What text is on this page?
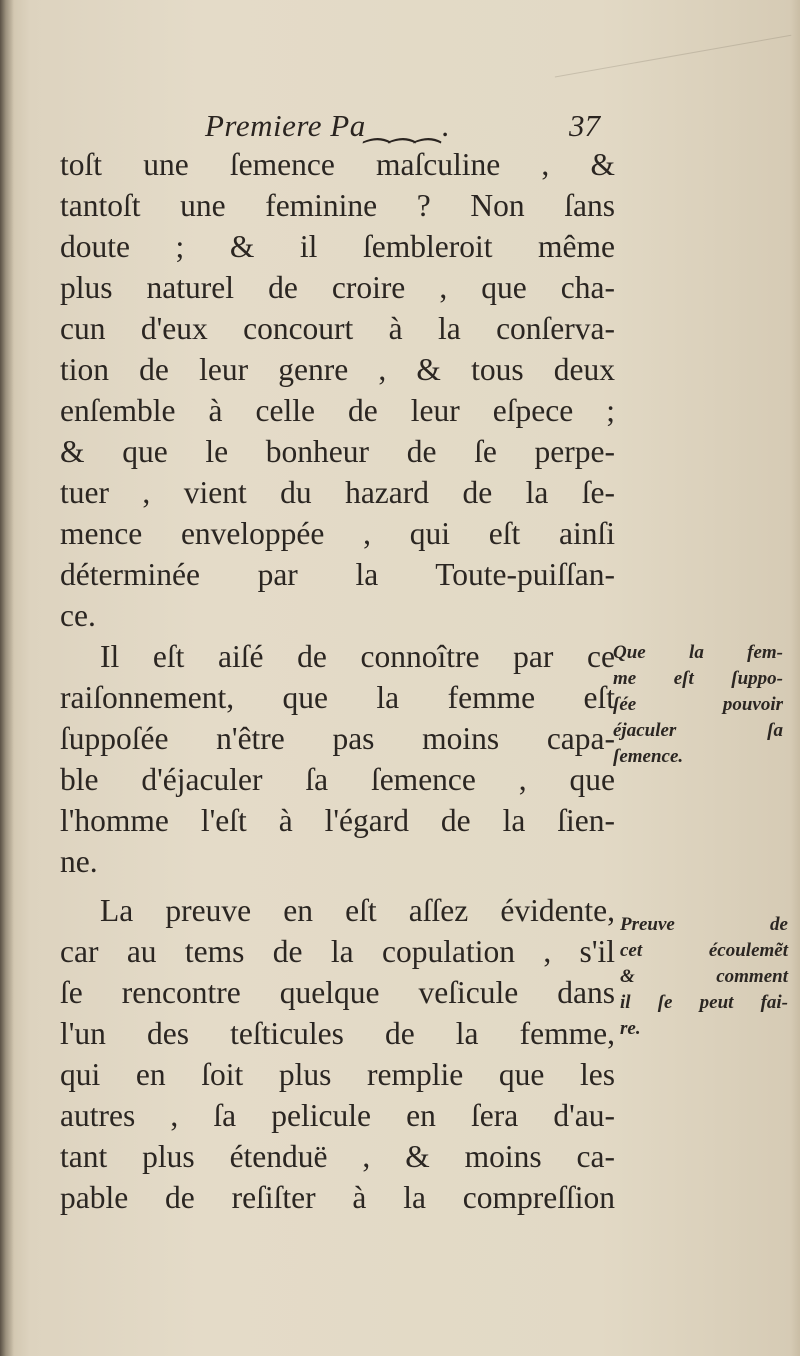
Premiere Pa⁔⁔⁔.	37
toſt une ſemence maſculine , &
tantoſt une feminine ? Non ſans
doute ; & il ſembleroit même
plus naturel de croire , que cha-
cun d'eux concourt à la conſerva-
tion de leur genre , & tous deux
enſemble à celle de leur eſpece ;
& que le bonheur de ſe perpe-
tuer , vient du hazard de la ſe-
mence enveloppée , qui eſt ainſi
déterminée par la Toute-puiſſan-
ce.
Il eſt aiſé de connoître par ce
raiſonnement, que la femme eſt
ſuppoſée n'être pas moins capa-
ble d'éjaculer ſa ſemence , que
l'homme l'eſt à l'égard de la ſien-
ne.
La preuve en eſt aſſez évidente,
car au tems de la copulation , s'il
ſe rencontre quelque veſicule dans
l'un des teſticules de la femme,
qui en ſoit plus remplie que les
autres , ſa pelicule en ſera d'au-
tant plus étenduë , & moins ca-
pable de reſiſter à la compreſſion
Que la fem-
me eſt ſuppo-
ſée pouvoir
éjaculer ſa
ſemence.
Preuve de
cet écoulemẽt
& comment
il ſe peut fai-
re.
